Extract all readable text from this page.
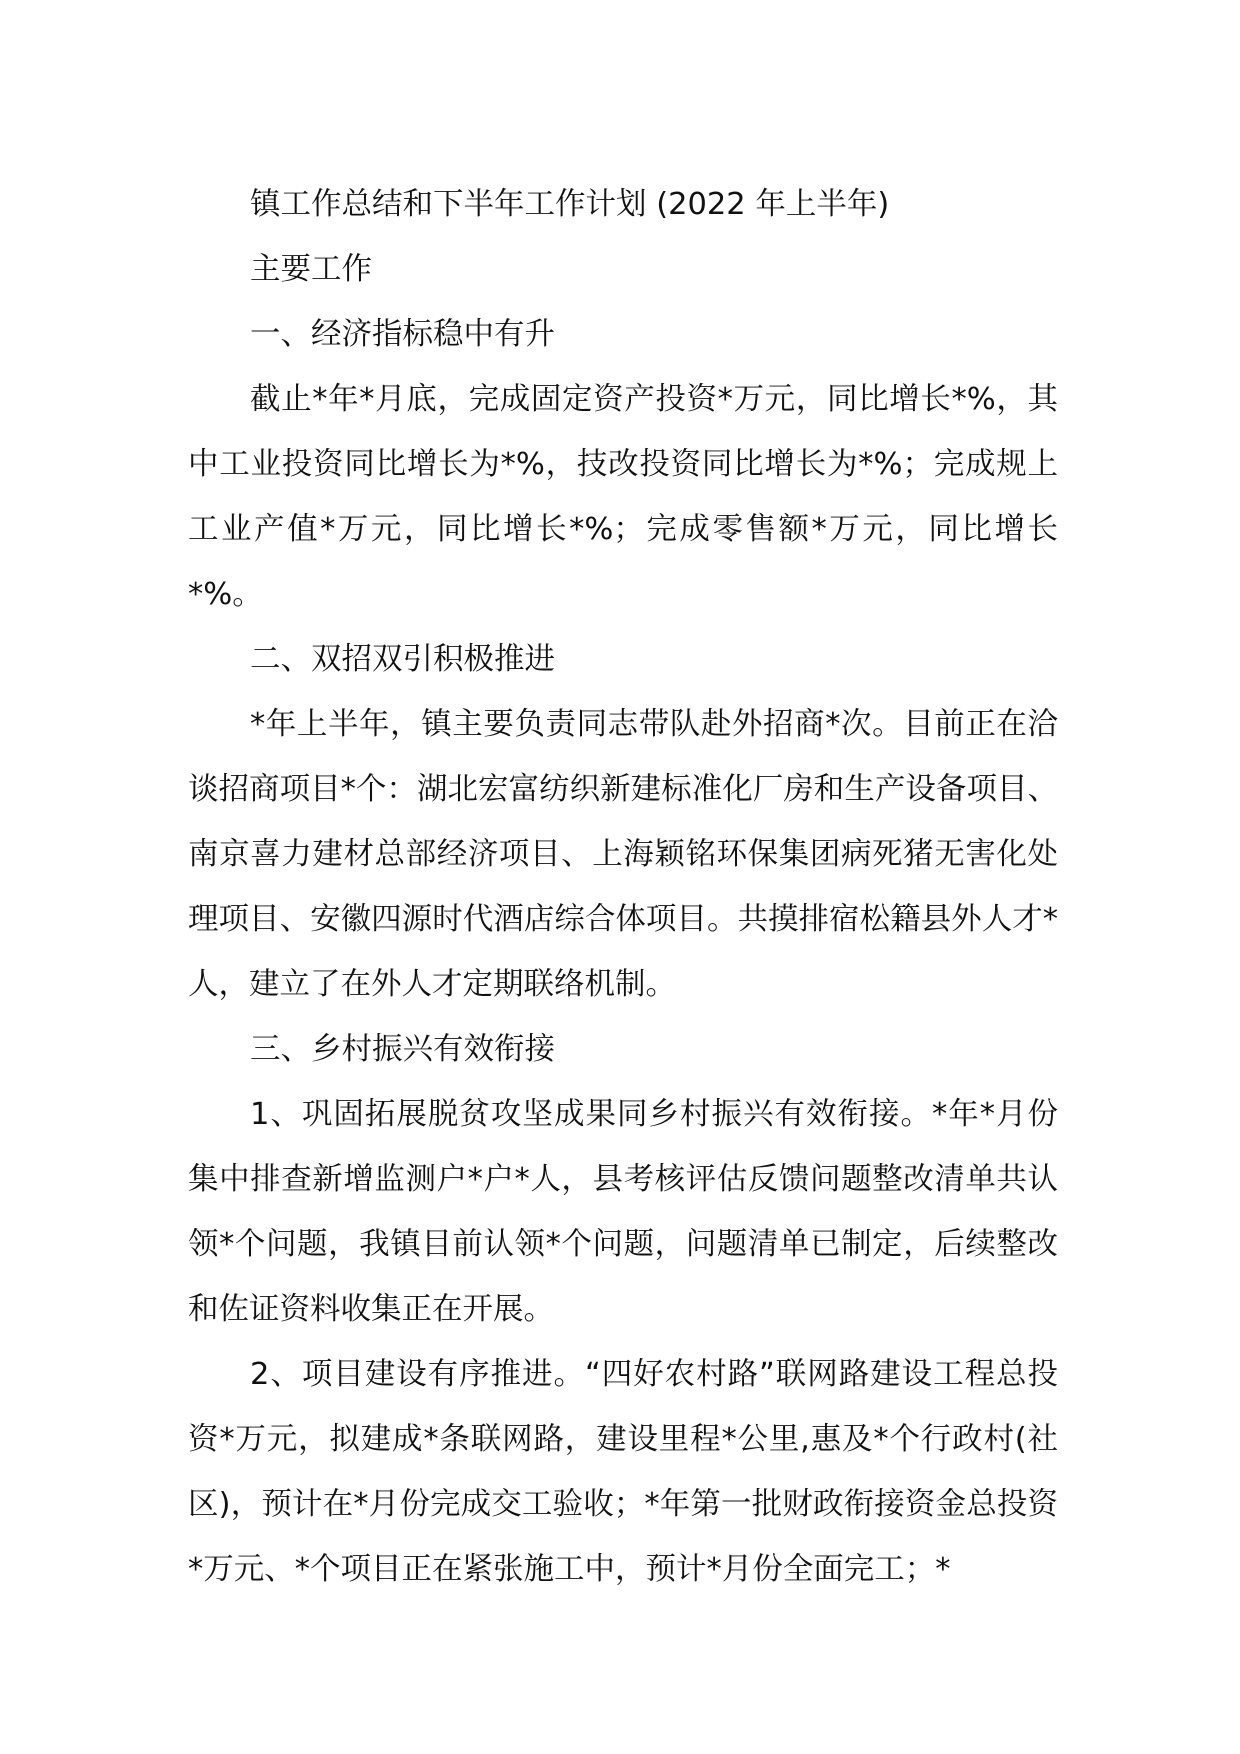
镇工作总结和下半年工作计划 (2022 年上半年)

主要工作

一、经济指标稳中有升

截止*年*月底，完成固定资产投资*万元，同比增长*%，其中工业投资同比增长为*%，技改投资同比增长为*%；完成规上工业产值*万元，同比增长*%；完成零售额*万元，同比增长*%。

二、双招双引积极推进

*年上半年，镇主要负责同志带队赴外招商*次。目前正在洽谈招商项目*个：湖北宏富纺织新建标准化厂房和生产设备项目、南京喜力建材总部经济项目、上海颖铭环保集团病死猪无害化处理项目、安徽四源时代酒店综合体项目。共摸排宿松籍县外人才*人，建立了在外人才定期联络机制。

三、乡村振兴有效衔接

1、巩固拓展脱贫攻坚成果同乡村振兴有效衔接。*年*月份集中排查新增监测户*户*人，县考核评估反馈问题整改清单共认领*个问题，我镇目前认领*个问题，问题清单已制定，后续整改和佐证资料收集正在开展。

2、项目建设有序推进。“四好农村路”联网路建设工程总投资*万元，拟建成*条联网路，建设里程*公里,惠及*个行政村(社区)，预计在*月份完成交工验收；*年第一批财政衔接资金总投资*万元、*个项目正在紧张施工中，预计*月份全面完工；*
